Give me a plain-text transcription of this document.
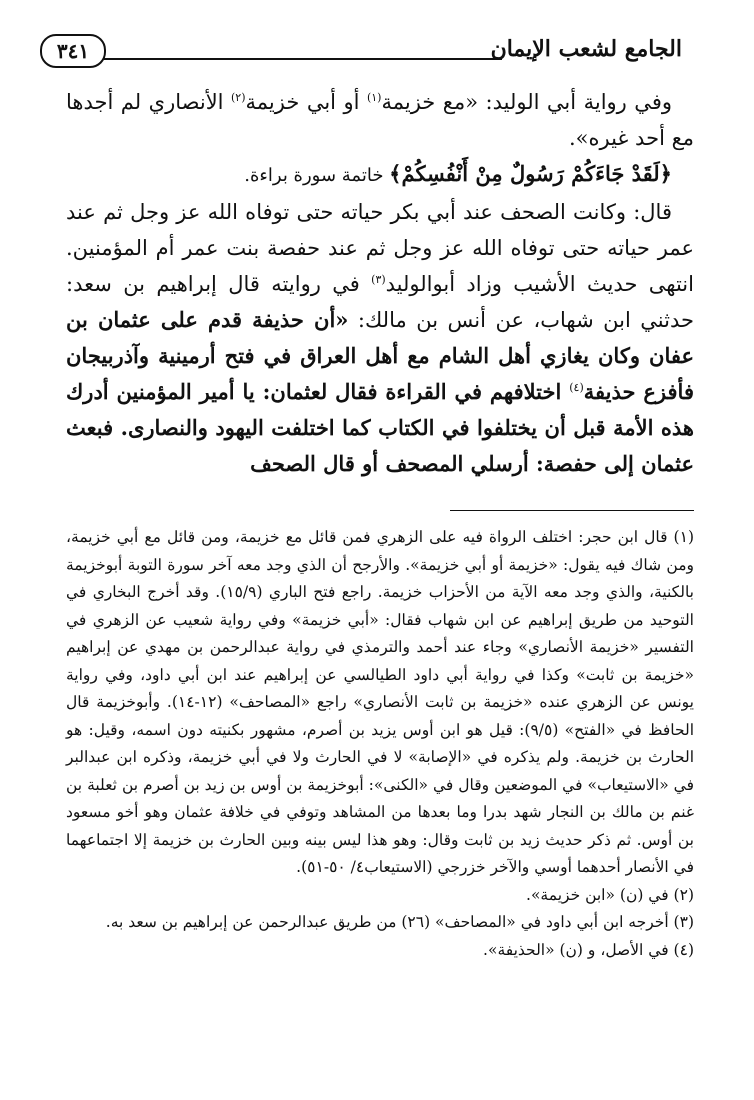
الجامع لشعب الإيمان
٣٤١

وفي رواية أبي الوليد: «مع خزيمة$^{(١)}$ أو أبي خزيمة$^{(٢)}$ الأنصاري لم أجدها مع أحد غيره».

﴿لَقَدْ جَاءَكُمْ رَسُولٌ مِنْ أَنْفُسِكُمْ﴾ خاتمة سورة براءة.

قال: وكانت الصحف عند أبي بكر حياته حتى توفاه الله عز وجل ثم عند عمر حياته حتى توفاه الله عز وجل ثم عند حفصة بنت عمر أم المؤمنين. انتهى حديث الأشيب وزاد أبوالوليد$^{(٣)}$ في روايته قال إبراهيم بن سعد: حدثني ابن شهاب، عن أنس بن مالك: «أن حذيفة قدم على عثمان بن عفان وكان يغازي أهل الشام مع أهل العراق في فتح أرمينية وآذربيجان فأفزع حذيفة$^{(٤)}$ اختلافهم في القراءة فقال لعثمان: يا أمير المؤمنين أدرك هذه الأمة قبل أن يختلفوا في الكتاب كما اختلفت اليهود والنصارى. فبعث عثمان إلى حفصة: أرسلي المصحف أو قال الصحف

(١) قال ابن حجر: اختلف الرواة فيه على الزهري فمن قائل مع خزيمة، ومن قائل مع أبي خزيمة، ومن شاك فيه يقول: «خزيمة أو أبي خزيمة». والأرجح أن الذي وجد معه آخر سورة التوبة أبوخزيمة بالكنية، والذي وجد معه الآية من الأحزاب خزيمة. راجع فتح الباري (١٥/٩). وقد أخرج البخاري في التوحيد من طريق إبراهيم عن ابن شهاب فقال: «أبي خزيمة» وفي رواية شعيب عن الزهري في التفسير «خزيمة الأنصاري» وجاء عند أحمد والترمذي في رواية عبدالرحمن بن مهدي عن إبراهيم «خزيمة بن ثابت» وكذا في رواية أبي داود الطيالسي عن إبراهيم عند ابن أبي داود، وفي رواية يونس عن الزهري عنده «خزيمة بن ثابت الأنصاري» راجع «المصاحف» (١٢-١٤). وأبوخزيمة قال الحافظ في «الفتح» (٩/٥): قيل هو ابن أوس يزيد بن أصرم، مشهور بكنيته دون اسمه، وقيل: هو الحارث بن خزيمة. ولم يذكره في «الإصابة» لا في الحارث ولا في أبي خزيمة، وذكره ابن عبدالبر في «الاستيعاب» في الموضعين وقال في «الكنى»: أبوخزيمة بن أوس بن زيد بن أصرم بن ثعلبة بن غنم بن مالك بن النجار شهد بدرا وما بعدها من المشاهد وتوفي في خلافة عثمان وهو أخو مسعود بن أوس. ثم ذكر حديث زيد بن ثابت وقال: وهو هذا ليس بينه وبين الحارث بن خزيمة إلا اجتماعهما في الأنصار أحدهما أوسي والآخر خزرجي (الاستيعاب٤/ ٥٠-٥١).

(٢) في (ن) «ابن خزيمة».

(٣) أخرجه ابن أبي داود في «المصاحف» (٢٦) من طريق عبدالرحمن عن إبراهيم بن سعد به.

(٤) في الأصل، و (ن) «الحذيفة».
